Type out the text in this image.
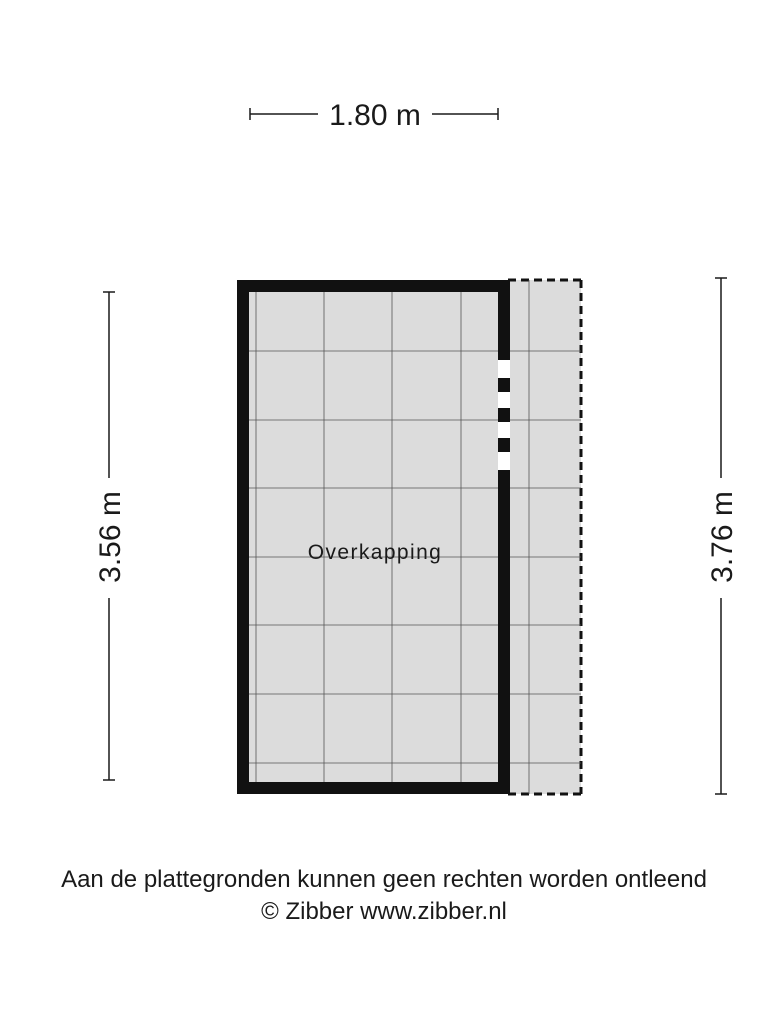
1.80 m
3.56 m	3.76 m
Overkapping
Aan de plattegronden kunnen geen rechten worden ontleend
© Zibber www.zibber.nl
